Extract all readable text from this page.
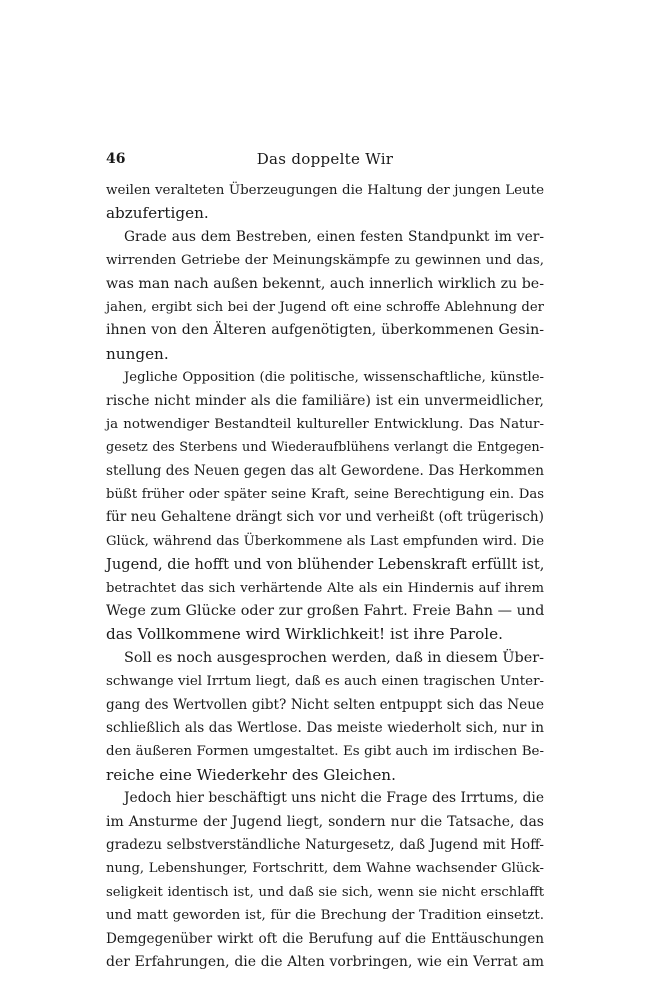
46	Das doppelte Wir
weilen veralteten Überzeugungen die Haltung der jungen Leute
abzufertigen.
Grade aus dem Bestreben, einen festen Standpunkt im ver-
wirrenden Getriebe der Meinungskämpfe zu gewinnen und das,
was man nach außen bekennt, auch innerlich wirklich zu be-
jahen, ergibt sich bei der Jugend oft eine schroffe Ablehnung der
ihnen von den Älteren aufgenötigten, überkommenen Gesin-
nungen.
Jegliche Opposition (die politische, wissenschaftliche, künstle-
rische nicht minder als die familiäre) ist ein unvermeidlicher,
ja notwendiger Bestandteil kultureller Entwicklung. Das Natur-
gesetz des Sterbens und Wiederaufblühens verlangt die Entgegen-
stellung des Neuen gegen das alt Gewordene. Das Herkommen
büßt früher oder später seine Kraft, seine Berechtigung ein. Das
für neu Gehaltene drängt sich vor und verheißt (oft trügerisch)
Glück, während das Überkommene als Last empfunden wird. Die
Jugend, die hofft und von blühender Lebenskraft erfüllt ist,
betrachtet das sich verhärtende Alte als ein Hindernis auf ihrem
Wege zum Glücke oder zur großen Fahrt. Freie Bahn — und
das Vollkommene wird Wirklichkeit! ist ihre Parole.
Soll es noch ausgesprochen werden, daß in diesem Über-
schwange viel Irrtum liegt, daß es auch einen tragischen Unter-
gang des Wertvollen gibt? Nicht selten entpuppt sich das Neue
schließlich als das Wertlose. Das meiste wiederholt sich, nur in
den äußeren Formen umgestaltet. Es gibt auch im irdischen Be-
reiche eine Wiederkehr des Gleichen.
Jedoch hier beschäftigt uns nicht die Frage des Irrtums, die
im Ansturme der Jugend liegt, sondern nur die Tatsache, das
gradezu selbstverständliche Naturgesetz, daß Jugend mit Hoff-
nung, Lebenshunger, Fortschritt, dem Wahne wachsender Glück-
seligkeit identisch ist, und daß sie sich, wenn sie nicht erschlafft
und matt geworden ist, für die Brechung der Tradition einsetzt.
Demgegenüber wirkt oft die Berufung auf die Enttäuschungen
der Erfahrungen, die die Alten vorbringen, wie ein Verrat am
